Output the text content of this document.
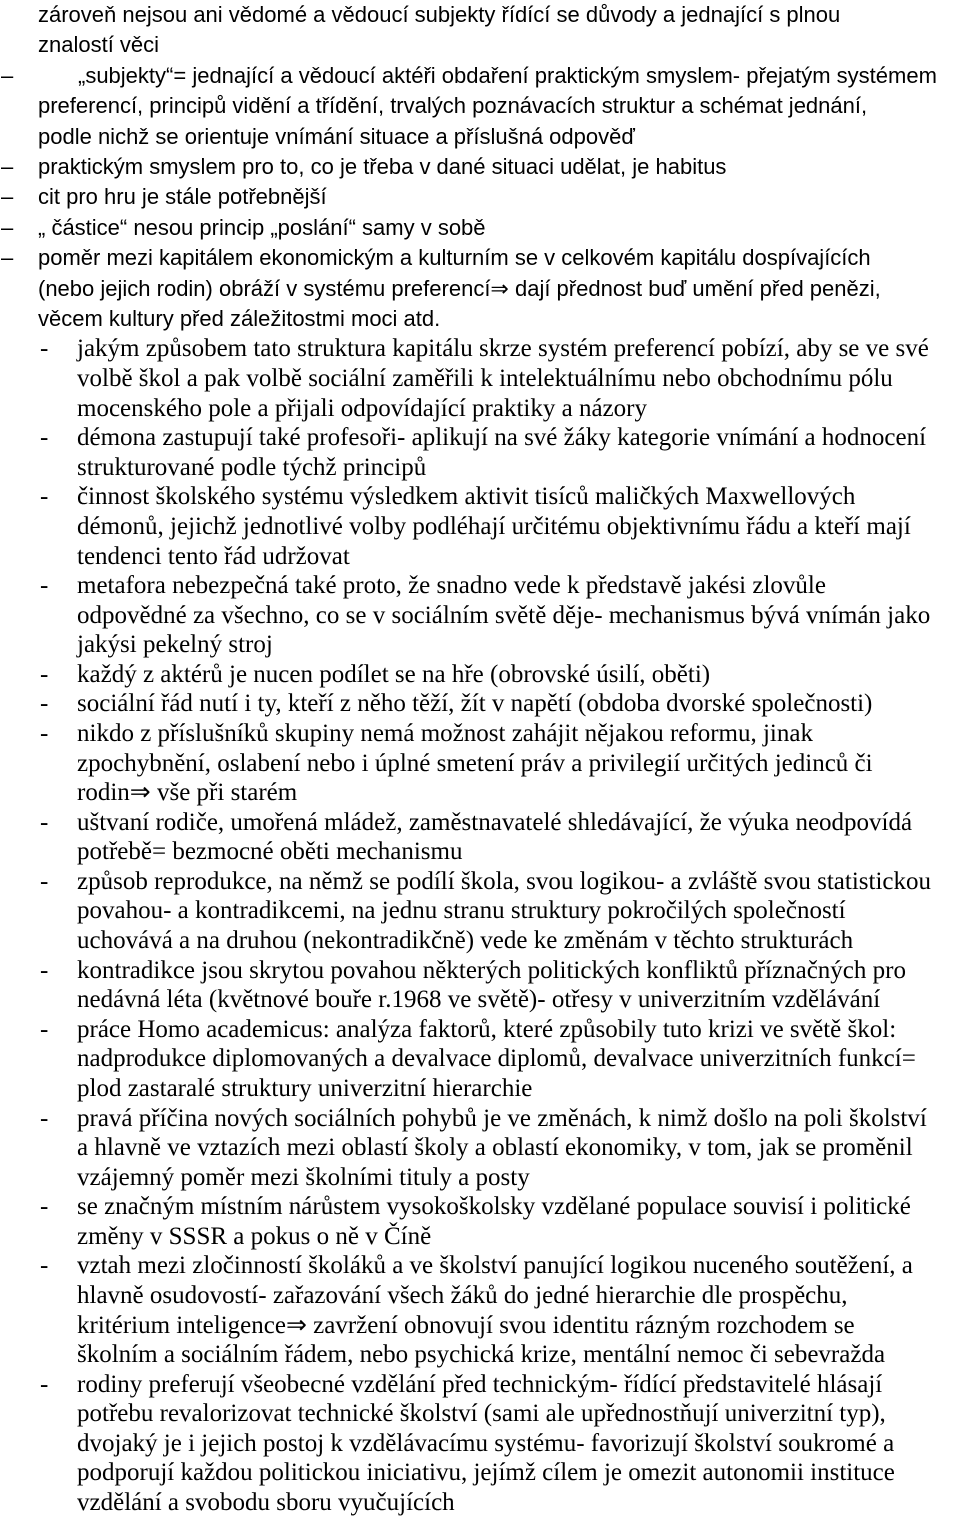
zároveň nejsou ani vědomé a vědoucí subjekty řídící se důvody a jednající s plnou
znalostí věci
–	„subjekty“= jednající a vědoucí aktéři obdaření praktickým smyslem- přejatým systémem
preferencí, principů vidění a třídění, trvalých poznávacích struktur a schémat jednání,
podle nichž se orientuje vnímání situace a příslušná odpověď
– praktickým smyslem pro to, co je třeba v dané situaci udělat, je habitus
– cit pro hru je stále potřebnější
– „ částice“ nesou princip „poslání“ samy v sobě
– poměr mezi kapitálem ekonomickým a kulturním se v celkovém kapitálu dospívajících
(nebo jejich rodin) obráží v systému preferencí⇒ dají přednost buď umění před penězi,
věcem kultury před záležitostmi moci atd.
- jakým způsobem tato struktura kapitálu skrze systém preferencí pobízí, aby se ve své
volbě škol a pak volbě sociální zaměřili k intelektuálnímu nebo obchodnímu pólu
mocenského pole a přijali odpovídající praktiky a názory
- démona zastupují také profesoři- aplikují na své žáky kategorie vnímání a hodnocení
strukturované podle týchž principů
- činnost školského systému výsledkem aktivit tisíců maličkých Maxwellových
démonů, jejichž jednotlivé volby podléhají určitému objektivnímu řádu a kteří mají
tendenci tento řád udržovat
- metafora nebezpečná také proto, že snadno vede k představě jakési zlovůle
odpovědné za všechno, co se v sociálním světě děje- mechanismus bývá vnímán jako
jakýsi pekelný stroj
- každý z aktérů je nucen podílet se na hře (obrovské úsilí, oběti)
- sociální řád nutí i ty, kteří z něho těží, žít v napětí (obdoba dvorské společnosti)
- nikdo z příslušníků skupiny nemá možnost zahájit nějakou reformu, jinak
zpochybnění, oslabení nebo i úplné smetení práv a privilegií určitých jedinců či
rodin⇒ vše při starém
- uštvaní rodiče, umořená mládež, zaměstnavatelé shledávající, že výuka neodpovídá
potřebě= bezmocné oběti mechanismu
- způsob reprodukce, na němž se podílí škola, svou logikou- a zvláště svou statistickou
povahou- a kontradikcemi, na jednu stranu struktury pokročilých společností
uchovává a na druhou (nekontradikčně) vede ke změnám v těchto strukturách
- kontradikce jsou skrytou povahou některých politických konfliktů příznačných pro
nedávná léta (květnové bouře r.1968 ve světě)- otřesy v univerzitním vzdělávání
- práce Homo academicus: analýza faktorů, které způsobily tuto krizi ve světě škol:
nadprodukce diplomovaných a devalvace diplomů, devalvace univerzitních funkcí=
plod zastaralé struktury univerzitní hierarchie
- pravá příčina nových sociálních pohybů je ve změnách, k nimž došlo na poli školství
a hlavně ve vztazích mezi oblastí školy a oblastí ekonomiky, v tom, jak se proměnil
vzájemný poměr mezi školními tituly a posty
- se značným místním nárůstem vysokoškolsky vzdělané populace souvisí i politické
změny v SSSR a pokus o ně v Číně
- vztah mezi zločinností školáků a ve školství panující logikou nuceného soutěžení, a
hlavně osudovostí- zařazování všech žáků do jedné hierarchie dle prospěchu,
kritérium inteligence⇒ zavržení obnovují svou identitu rázným rozchodem se
školním a sociálním řádem, nebo psychická krize, mentální nemoc či sebevražda
- rodiny preferují všeobecné vzdělání před technickým- řídící představitelé hlásají
potřebu revalorizovat technické školství (sami ale upřednostňují univerzitní typ),
dvojaký je i jejich postoj k vzdělávacímu systému- favorizují školství soukromé a
podporují každou politickou iniciativu, jejímž cílem je omezit autonomii instituce
vzdělání a svobodu sboru vyučujících
